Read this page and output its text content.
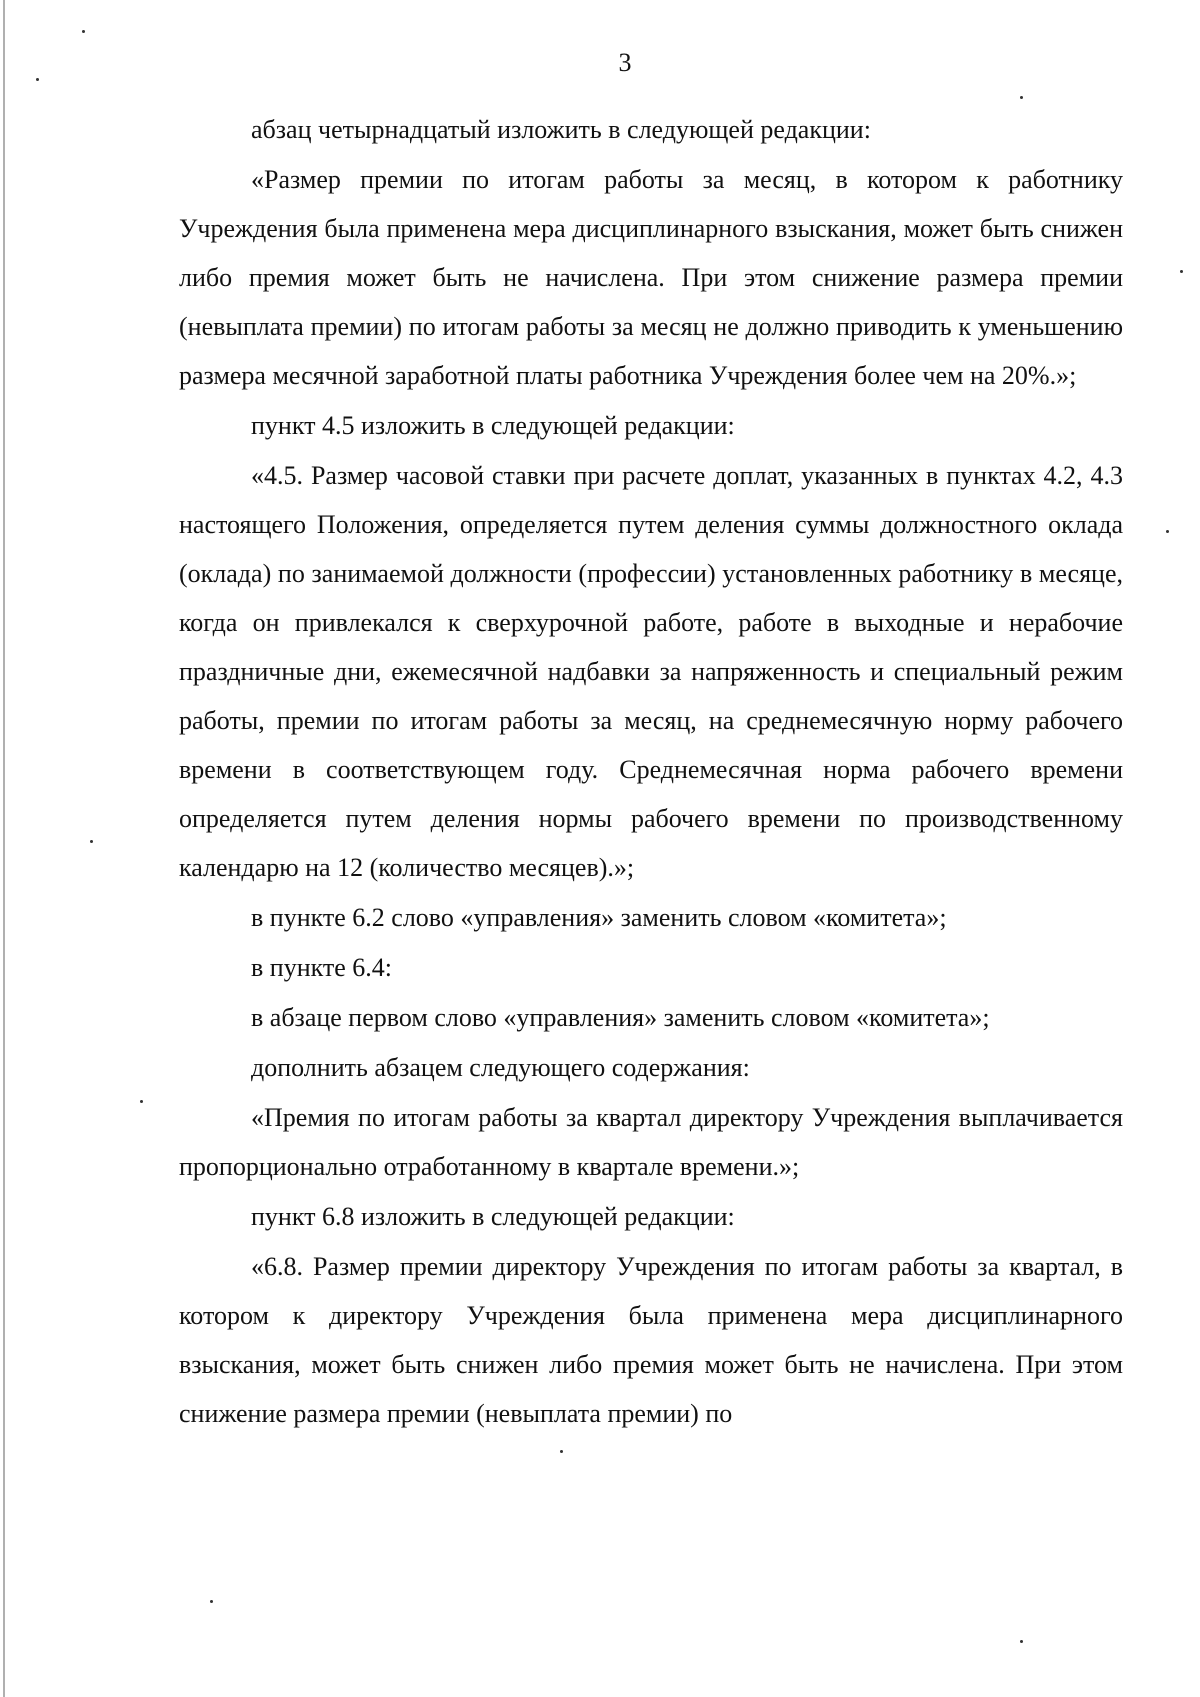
3

абзац четырнадцатый изложить в следующей редакции:

«Размер премии по итогам работы за месяц, в котором к работнику Учреждения была применена мера дисциплинарного взыскания, может быть снижен либо премия может быть не начислена. При этом снижение размера премии (невыплата премии) по итогам работы за месяц не должно приводить к уменьшению размера месячной заработной платы работника Учреждения более чем на 20%.»;

пункт 4.5 изложить в следующей редакции:

«4.5. Размер часовой ставки при расчете доплат, указанных в пунктах 4.2, 4.3 настоящего Положения, определяется путем деления суммы должностного оклада (оклада) по занимаемой должности (профессии) установленных работнику в месяце, когда он привлекался к сверхурочной работе, работе в выходные и нерабочие праздничные дни, ежемесячной надбавки за напряженность и специальный режим работы, премии по итогам работы за месяц, на среднемесячную норму рабочего времени в соответствующем году. Среднемесячная норма рабочего времени определяется путем деления нормы рабочего времени по производственному календарю на 12 (количество месяцев).»;

в пункте 6.2 слово «управления» заменить словом «комитета»;

в пункте 6.4:

в абзаце первом слово «управления» заменить словом «комитета»;

дополнить абзацем следующего содержания:

«Премия по итогам работы за квартал директору Учреждения выплачивается пропорционально отработанному в квартале времени.»;

пункт 6.8 изложить в следующей редакции:

«6.8. Размер премии директору Учреждения по итогам работы за квартал, в котором к директору Учреждения была применена мера дисциплинарного взыскания, может быть снижен либо премия может быть не начислена. При этом снижение размера премии (невыплата премии) по
